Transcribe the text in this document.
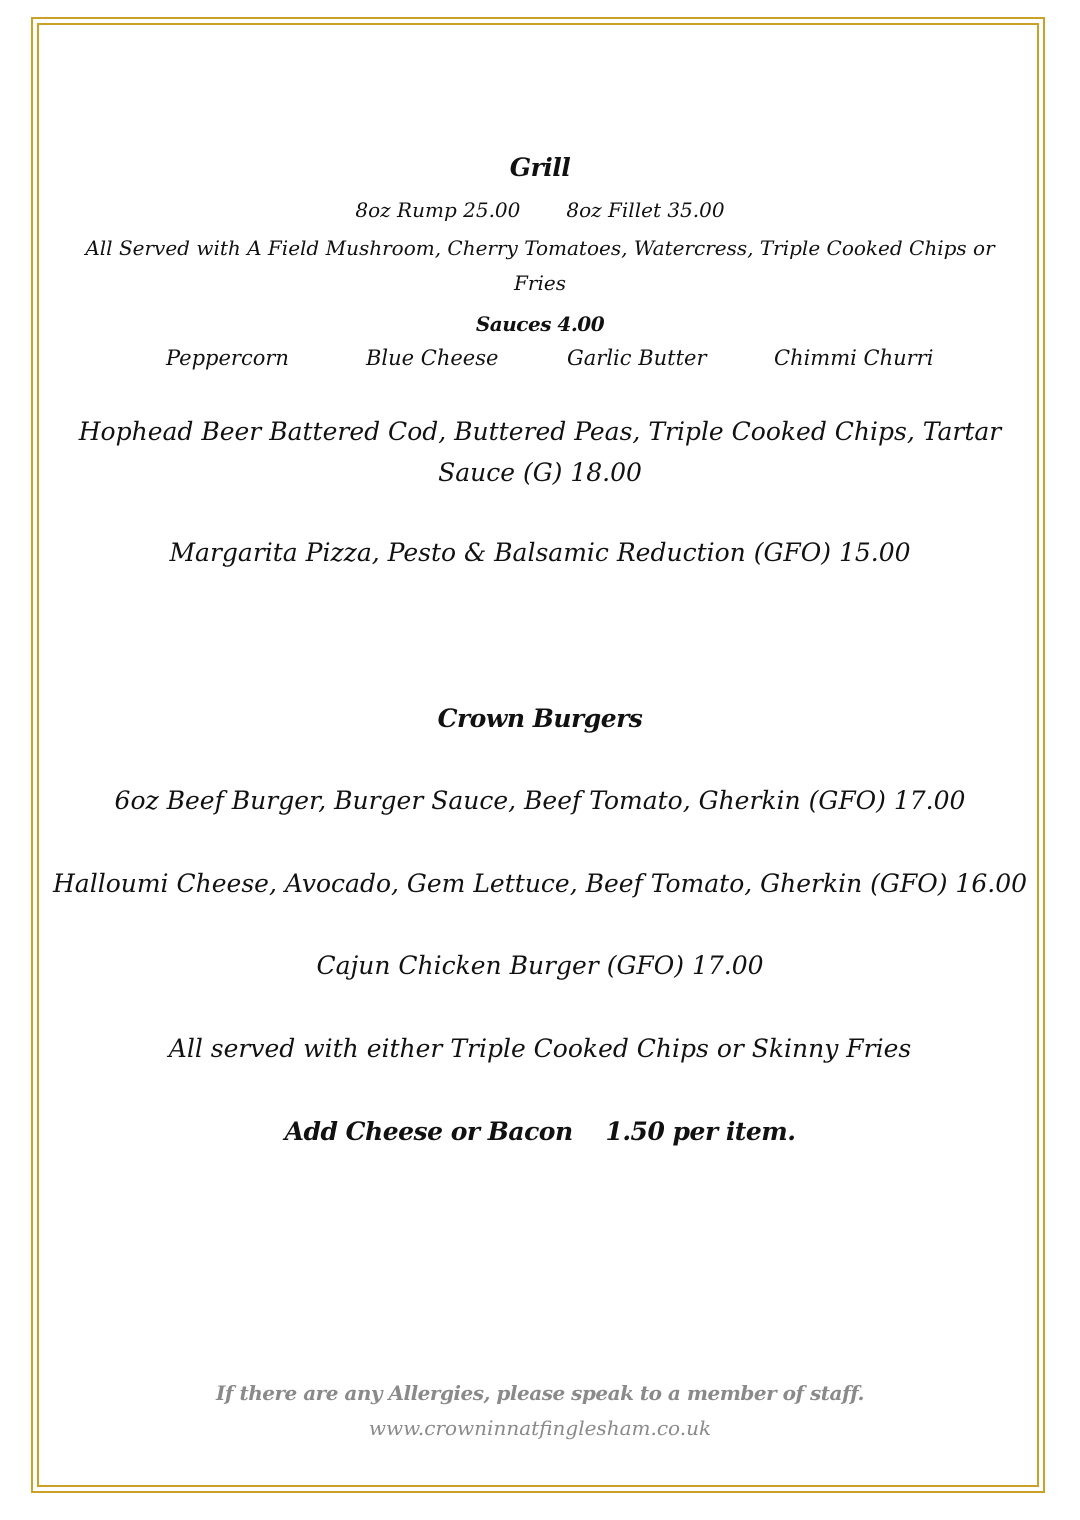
Grill
8oz Rump 25.00 8oz Fillet 35.00
All Served with A Field Mushroom, Cherry Tomatoes, Watercress, Triple Cooked Chips or
Fries
Sauces 4.00
Peppercorn	Blue Cheese	Garlic Butter	Chimmi Churri
Hophead Beer Battered Cod, Buttered Peas, Triple Cooked Chips, Tartar
Sauce (G) 18.00
Margarita Pizza, Pesto & Balsamic Reduction (GFO) 15.00
Crown Burgers
6oz Beef Burger, Burger Sauce, Beef Tomato, Gherkin (GFO) 17.00
Halloumi Cheese, Avocado, Gem Lettuce, Beef Tomato, Gherkin (GFO) 16.00
Cajun Chicken Burger (GFO) 17.00
All served with either Triple Cooked Chips or Skinny Fries
Add Cheese or Bacon    1.50 per item.
If there are any Allergies, please speak to a member of staff.
www.crowninnatfinglesham.co.uk
